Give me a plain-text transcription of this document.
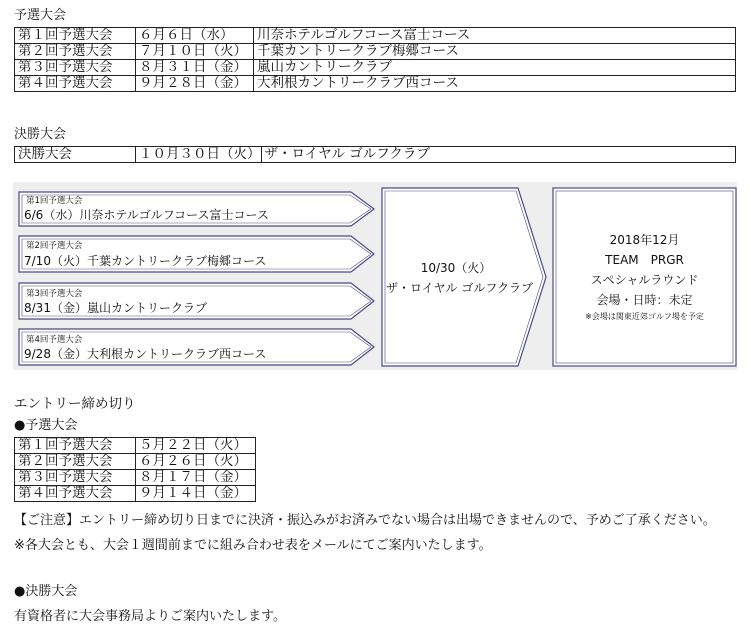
予選大会
第１回予選大会	６月６日（水）	川奈ホテルゴルフコース富士コース
第２回予選大会	７月１０日（火）	千葉カントリークラブ梅郷コース
第３回予選大会	８月３１日（金）	嵐山カントリークラブ
第４回予選大会	９月２８日（金）	大利根カントリークラブ西コース
決勝大会
決勝大会	１０月３０日（火）	ザ・ロイヤル ゴルフクラブ
第1回予選大会
6/6（水）川奈ホテルゴルフコース富士コース
第2回予選大会
7/10（火）千葉カントリークラブ梅郷コース
第3回予選大会
8/31（金）嵐山カントリークラブ
第4回予選大会
9/28（金）大利根カントリークラブ西コース
10/30（火）
ザ・ロイヤル ゴルフクラブ
2018年12月
TEAM　PRGR
スペシャルラウンド
会場・日時：未定
※会場は関東近郊ゴルフ場を予定
エントリー締め切り
●予選大会
第１回予選大会	５月２２日（火）
第２回予選大会	６月２６日（火）
第３回予選大会	８月１７日（金）
第４回予選大会	９月１４日（金）
【ご注意】エントリー締め切り日までに決済・振込みがお済みでない場合は出場できませんので、予めご了承ください。
※各大会とも、大会１週間前までに組み合わせ表をメールにてご案内いたします。
●決勝大会
有資格者に大会事務局よりご案内いたします。
